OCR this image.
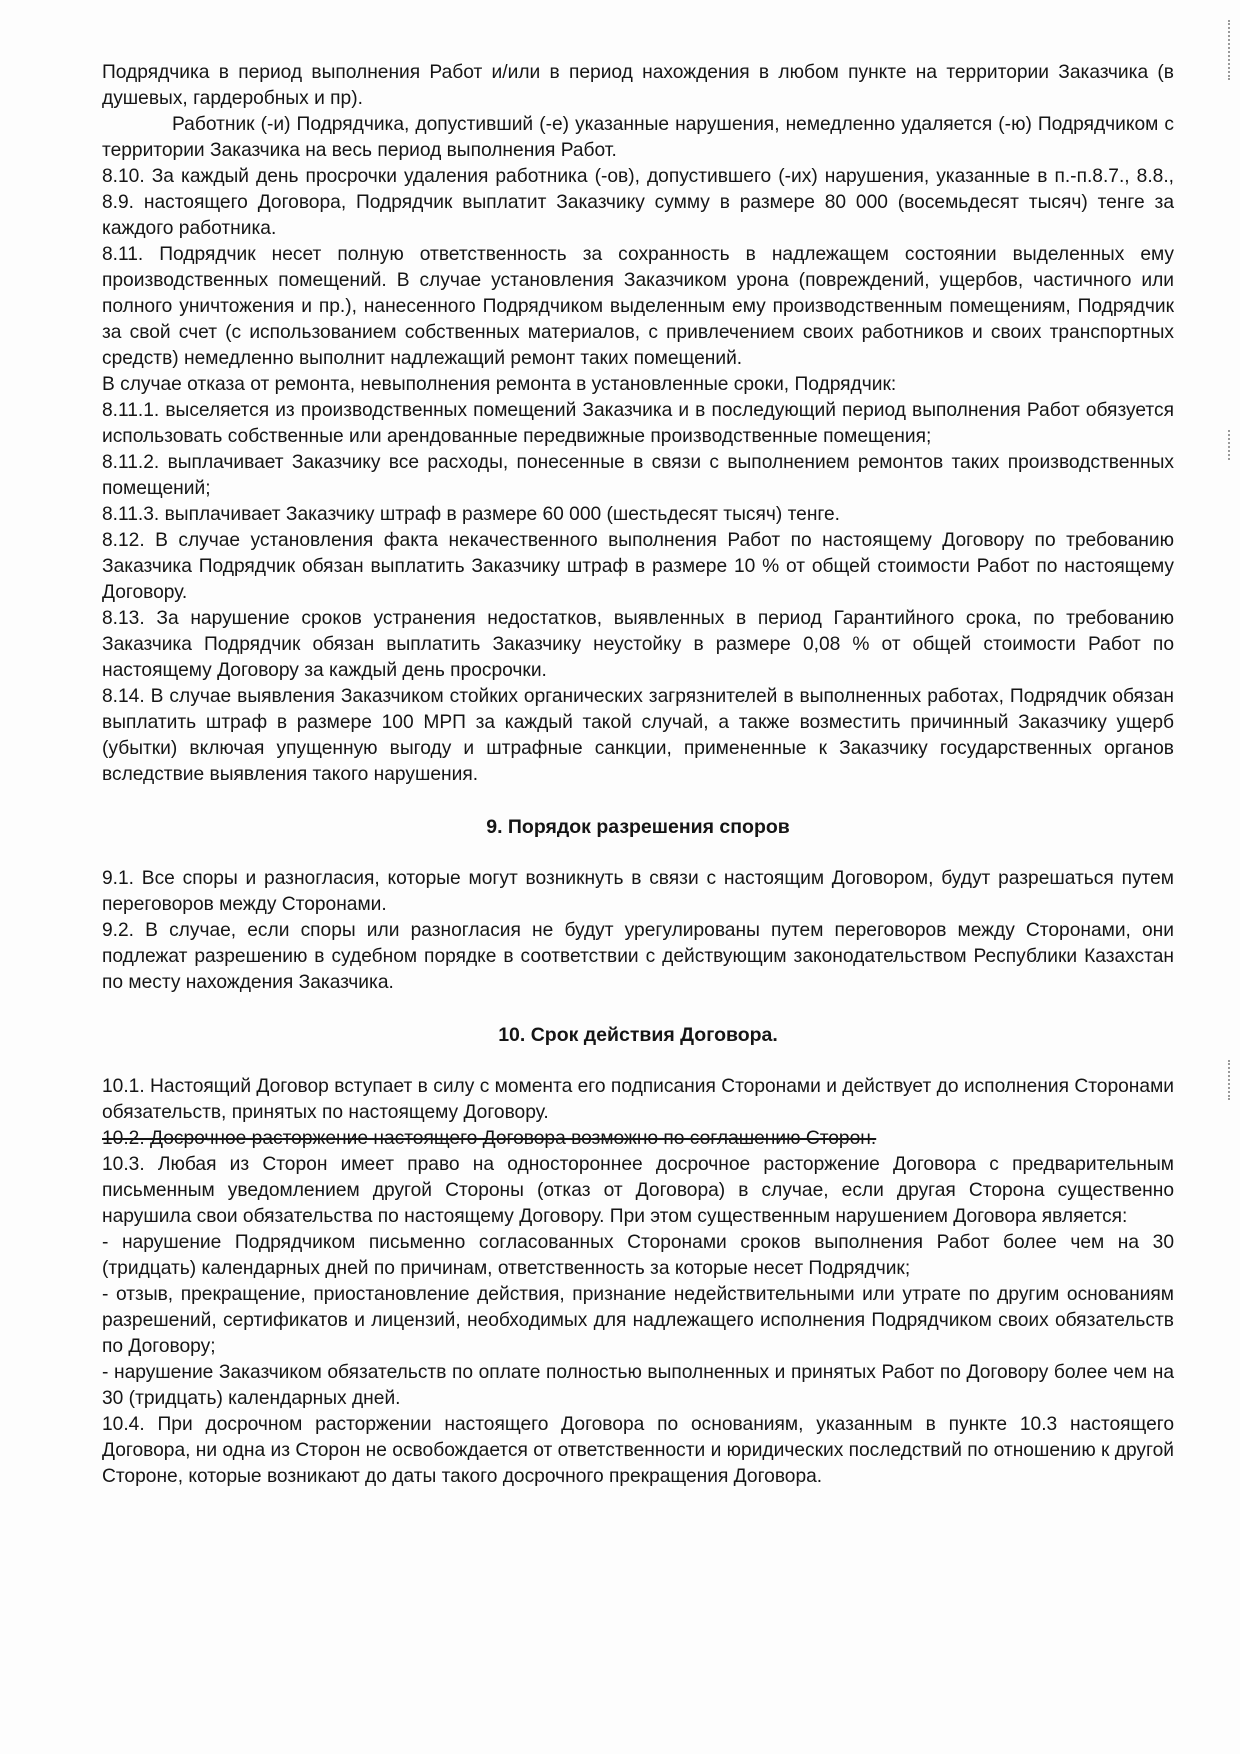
Подрядчика в период выполнения Работ и/или в период нахождения в любом пункте на территории Заказчика (в душевых, гардеробных и пр).

Работник (-и) Подрядчика, допустивший (-е) указанные нарушения, немедленно удаляется (-ю) Подрядчиком с территории Заказчика на весь период выполнения Работ.

8.10. За каждый день просрочки удаления работника (-ов), допустившего (-их) нарушения, указанные в п.-п.8.7., 8.8., 8.9. настоящего Договора, Подрядчик выплатит Заказчику сумму в размере 80 000 (восемьдесят тысяч) тенге за каждого работника.

8.11. Подрядчик несет полную ответственность за сохранность в надлежащем состоянии выделенных ему производственных помещений. В случае установления Заказчиком урона (повреждений, ущербов, частичного или полного уничтожения и пр.), нанесенного Подрядчиком выделенным ему производственным помещениям, Подрядчик за свой счет (с использованием собственных материалов, с привлечением своих работников и своих транспортных средств) немедленно выполнит надлежащий ремонт таких помещений.

В случае отказа от ремонта, невыполнения ремонта в установленные сроки, Подрядчик:

8.11.1. выселяется из производственных помещений Заказчика и в последующий период выполнения Работ обязуется использовать собственные или арендованные передвижные производственные помещения;

8.11.2. выплачивает Заказчику все расходы, понесенные в связи с выполнением ремонтов таких производственных помещений;

8.11.3. выплачивает Заказчику штраф в размере 60 000 (шестьдесят тысяч) тенге.

8.12. В случае установления факта некачественного выполнения Работ по настоящему Договору по требованию Заказчика Подрядчик обязан выплатить Заказчику штраф в размере 10 % от общей стоимости Работ по настоящему Договору.

8.13. За нарушение сроков устранения недостатков, выявленных в период Гарантийного срока, по требованию Заказчика Подрядчик обязан выплатить Заказчику неустойку в размере 0,08 % от общей стоимости Работ по настоящему Договору за каждый день просрочки.

8.14. В случае выявления Заказчиком стойких органических загрязнителей в выполненных работах, Подрядчик обязан выплатить штраф в размере 100 МРП за каждый такой случай, а также возместить причинный Заказчику ущерб (убытки) включая упущенную выгоду и штрафные санкции, примененные к Заказчику государственных органов вследствие выявления такого нарушения.

9. Порядок разрешения споров

9.1. Все споры и разногласия, которые могут возникнуть в связи с настоящим Договором, будут разрешаться путем переговоров между Сторонами.

9.2. В случае, если споры или разногласия не будут урегулированы путем переговоров между Сторонами, они подлежат разрешению в судебном порядке в соответствии с действующим законодательством Республики Казахстан по месту нахождения Заказчика.

10. Срок действия Договора.

10.1. Настоящий Договор вступает в силу с момента его подписания Сторонами и действует до исполнения Сторонами обязательств, принятых по настоящему Договору.

10.2. Досрочное расторжение настоящего Договора возможно по соглашению Сторон.

10.3. Любая из Сторон имеет право на одностороннее досрочное расторжение Договора с предварительным письменным уведомлением другой Стороны (отказ от Договора) в случае, если другая Сторона существенно нарушила свои обязательства по настоящему Договору. При этом существенным нарушением Договора является:

- нарушение Подрядчиком письменно согласованных Сторонами сроков выполнения Работ более чем на 30 (тридцать) календарных дней по причинам, ответственность за которые несет Подрядчик;

- отзыв, прекращение, приостановление действия, признание недействительными или утрате по другим основаниям разрешений, сертификатов и лицензий, необходимых для надлежащего исполнения Подрядчиком своих обязательств по Договору;

- нарушение Заказчиком обязательств по оплате полностью выполненных и принятых Работ по Договору более чем на 30 (тридцать) календарных дней.

10.4. При досрочном расторжении настоящего Договора по основаниям, указанным в пункте 10.3 настоящего Договора, ни одна из Сторон не освобождается от ответственности и юридических последствий по отношению к другой Стороне, которые возникают до даты такого досрочного прекращения Договора.
